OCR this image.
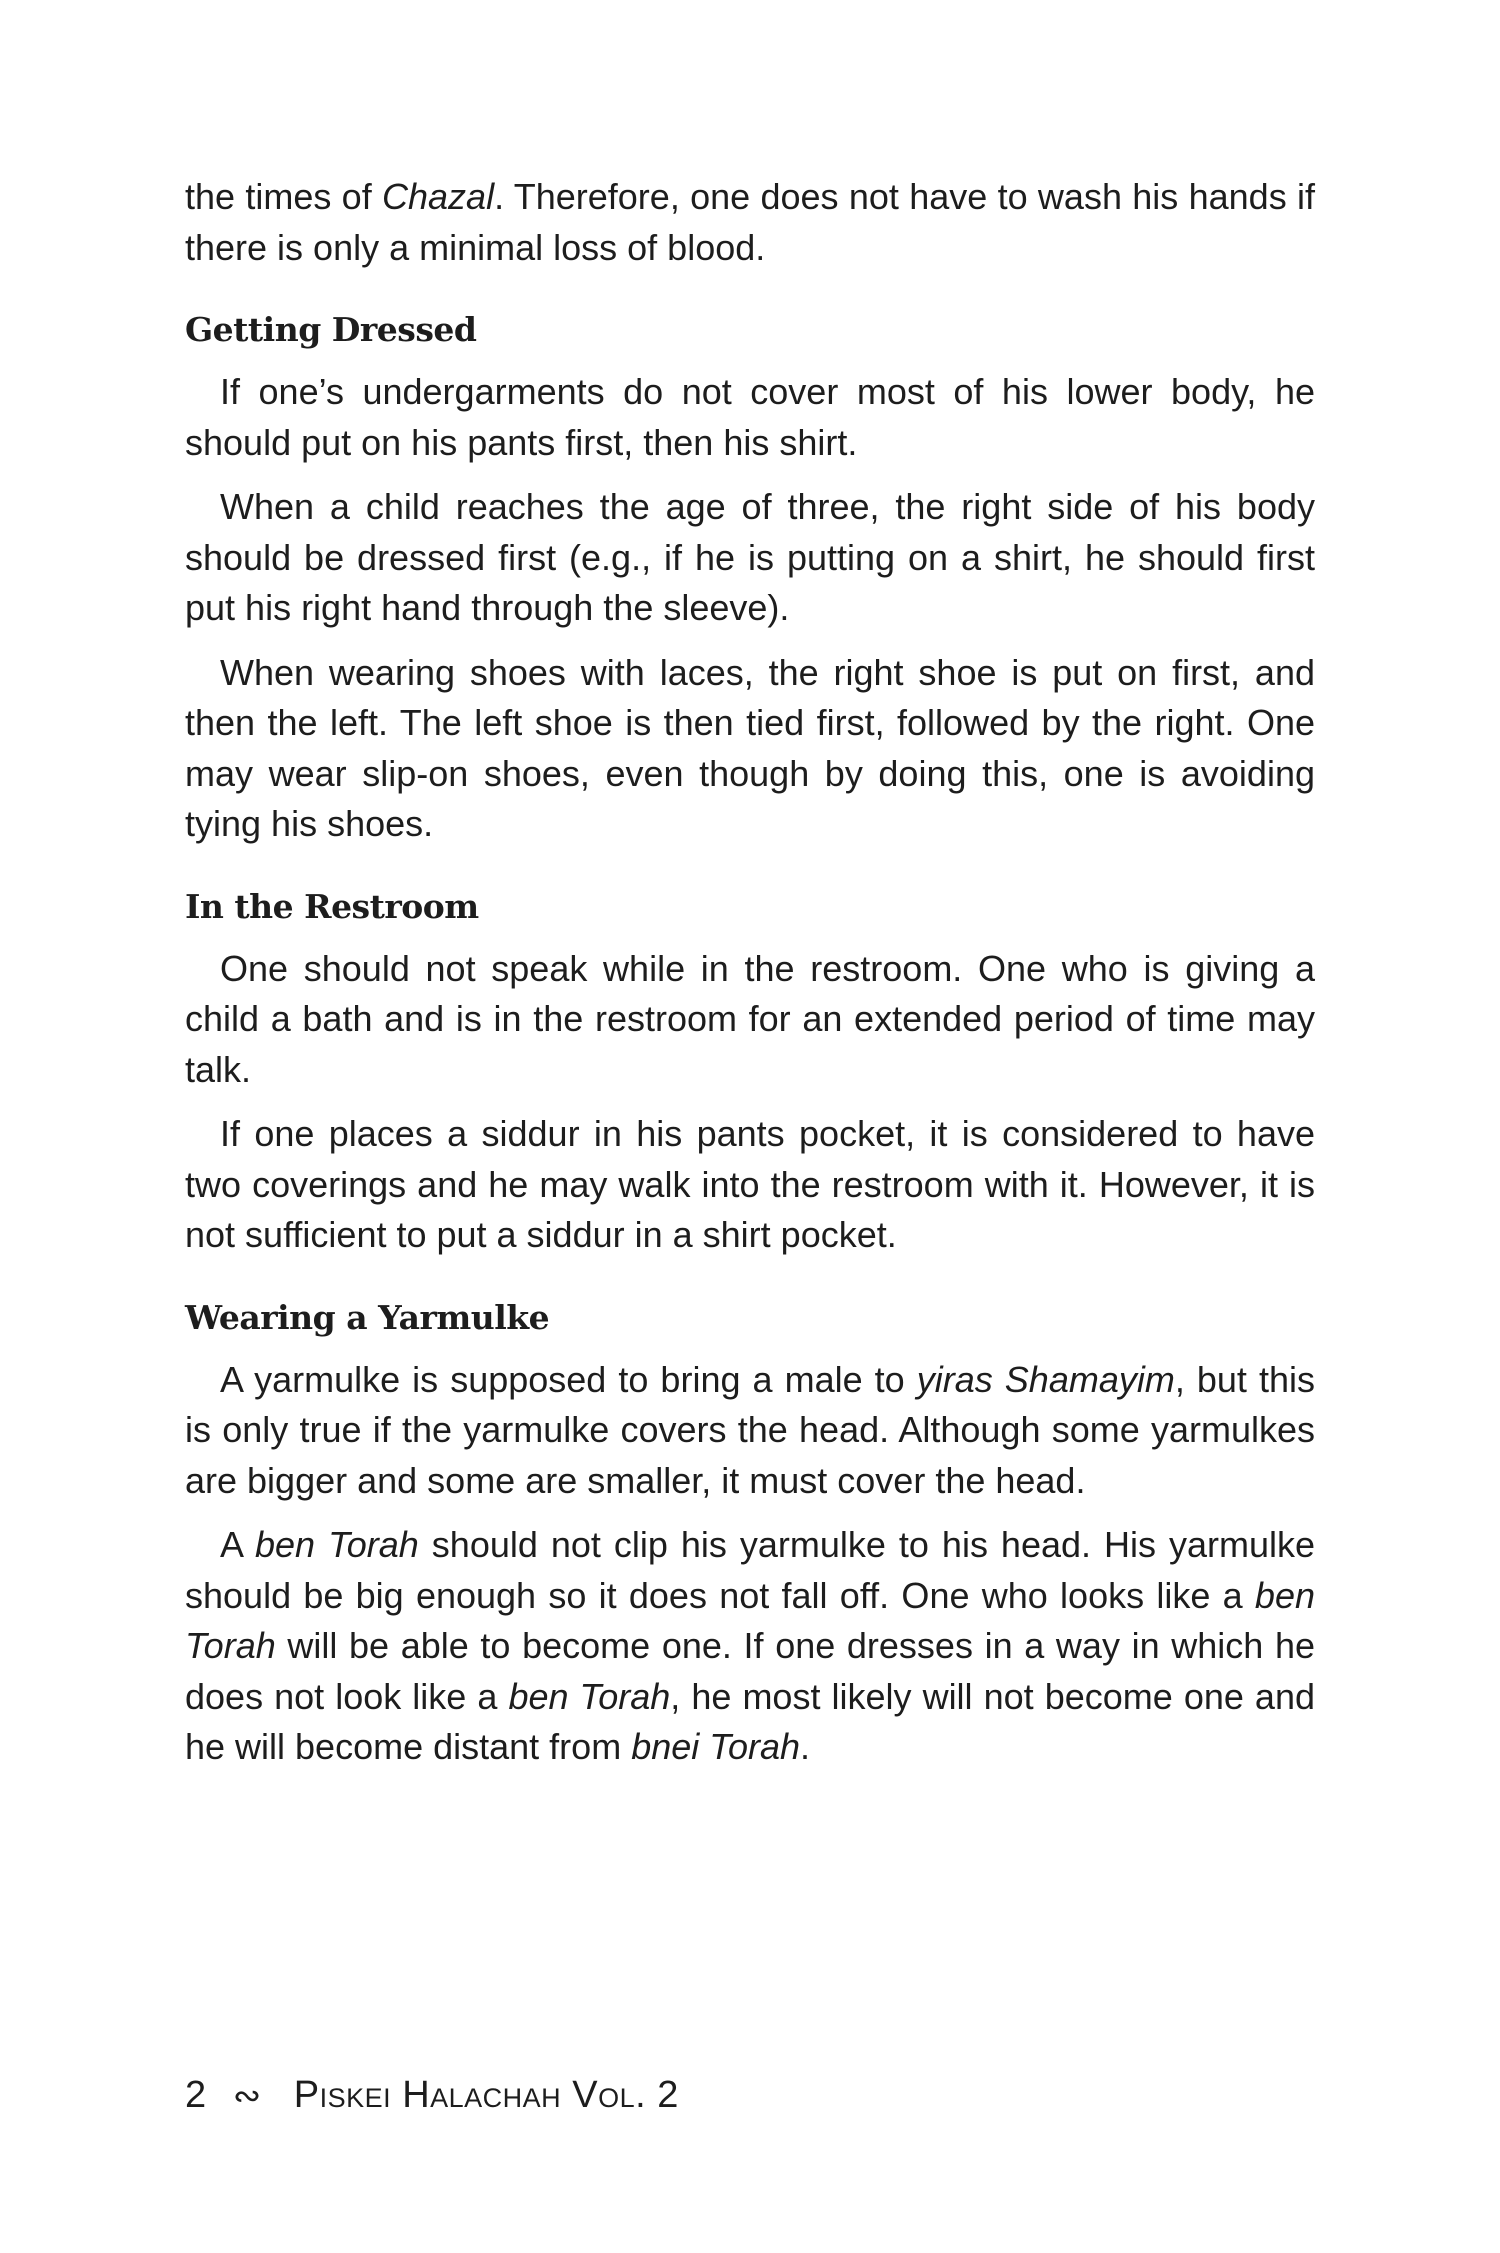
the times of Chazal. Therefore, one does not have to wash his hands if there is only a minimal loss of blood.

Getting Dressed

If one’s undergarments do not cover most of his lower body, he should put on his pants first, then his shirt.

When a child reaches the age of three, the right side of his body should be dressed first (e.g., if he is putting on a shirt, he should first put his right hand through the sleeve).

When wearing shoes with laces, the right shoe is put on first, and then the left. The left shoe is then tied first, followed by the right. One may wear slip-on shoes, even though by doing this, one is avoiding tying his shoes.

In the Restroom

One should not speak while in the restroom. One who is giving a child a bath and is in the restroom for an extended period of time may talk.

If one places a siddur in his pants pocket, it is considered to have two coverings and he may walk into the restroom with it. However, it is not sufficient to put a siddur in a shirt pocket.

Wearing a Yarmulke

A yarmulke is supposed to bring a male to yiras Shamayim, but this is only true if the yarmulke covers the head. Although some yarmulkes are bigger and some are smaller, it must cover the head.

A ben Torah should not clip his yarmulke to his head. His yarmulke should be big enough so it does not fall off. One who looks like a ben Torah will be able to become one. If one dresses in a way in which he does not look like a ben Torah, he most likely will not become one and he will become distant from bnei Torah.

2 ∾ Piskei Halachah Vol. 2
